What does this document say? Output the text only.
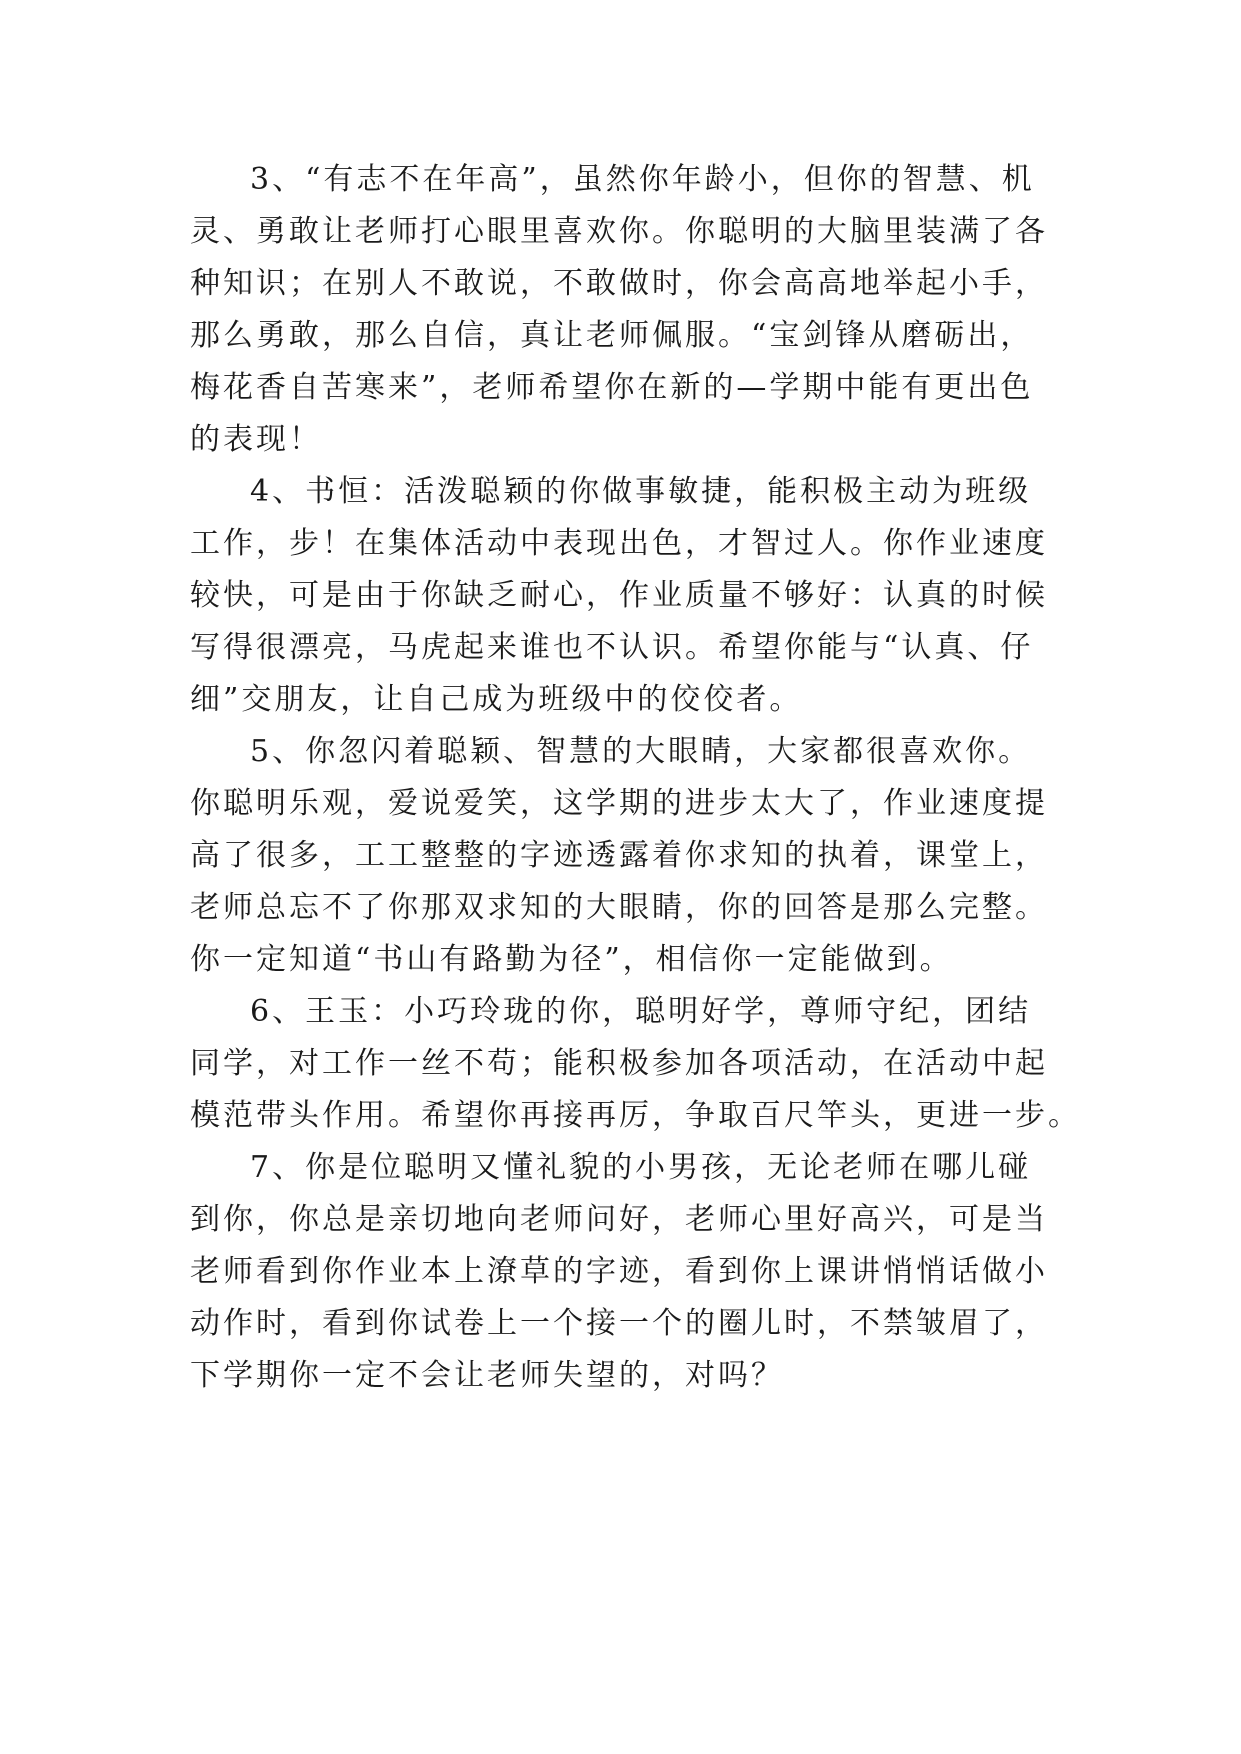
3、“有志不在年高”，虽然你年龄小，但你的智慧、机
灵、勇敢让老师打心眼里喜欢你。你聪明的大脑里装满了各
种知识；在别人不敢说，不敢做时，你会高高地举起小手，
那么勇敢，那么自信，真让老师佩服。“宝剑锋从磨砺出，
梅花香自苦寒来”，老师希望你在新的—学期中能有更出色
的表现！
4、书恒：活泼聪颖的你做事敏捷，能积极主动为班级
工作，步！在集体活动中表现出色，才智过人。你作业速度
较快，可是由于你缺乏耐心，作业质量不够好：认真的时候
写得很漂亮，马虎起来谁也不认识。希望你能与“认真、仔
细”交朋友，让自己成为班级中的佼佼者。
5、你忽闪着聪颖、智慧的大眼睛，大家都很喜欢你。
你聪明乐观，爱说爱笑，这学期的进步太大了，作业速度提
高了很多，工工整整的字迹透露着你求知的执着，课堂上，
老师总忘不了你那双求知的大眼睛，你的回答是那么完整。
你一定知道“书山有路勤为径”，相信你一定能做到。
6、王玉：小巧玲珑的你，聪明好学，尊师守纪，团结
同学，对工作一丝不苟；能积极参加各项活动，在活动中起
模范带头作用。希望你再接再厉，争取百尺竿头，更进一步。
7、你是位聪明又懂礼貌的小男孩，无论老师在哪儿碰
到你，你总是亲切地向老师问好，老师心里好高兴，可是当
老师看到你作业本上潦草的字迹，看到你上课讲悄悄话做小
动作时，看到你试卷上一个接一个的圈儿时，不禁皱眉了，
下学期你一定不会让老师失望的，对吗？
